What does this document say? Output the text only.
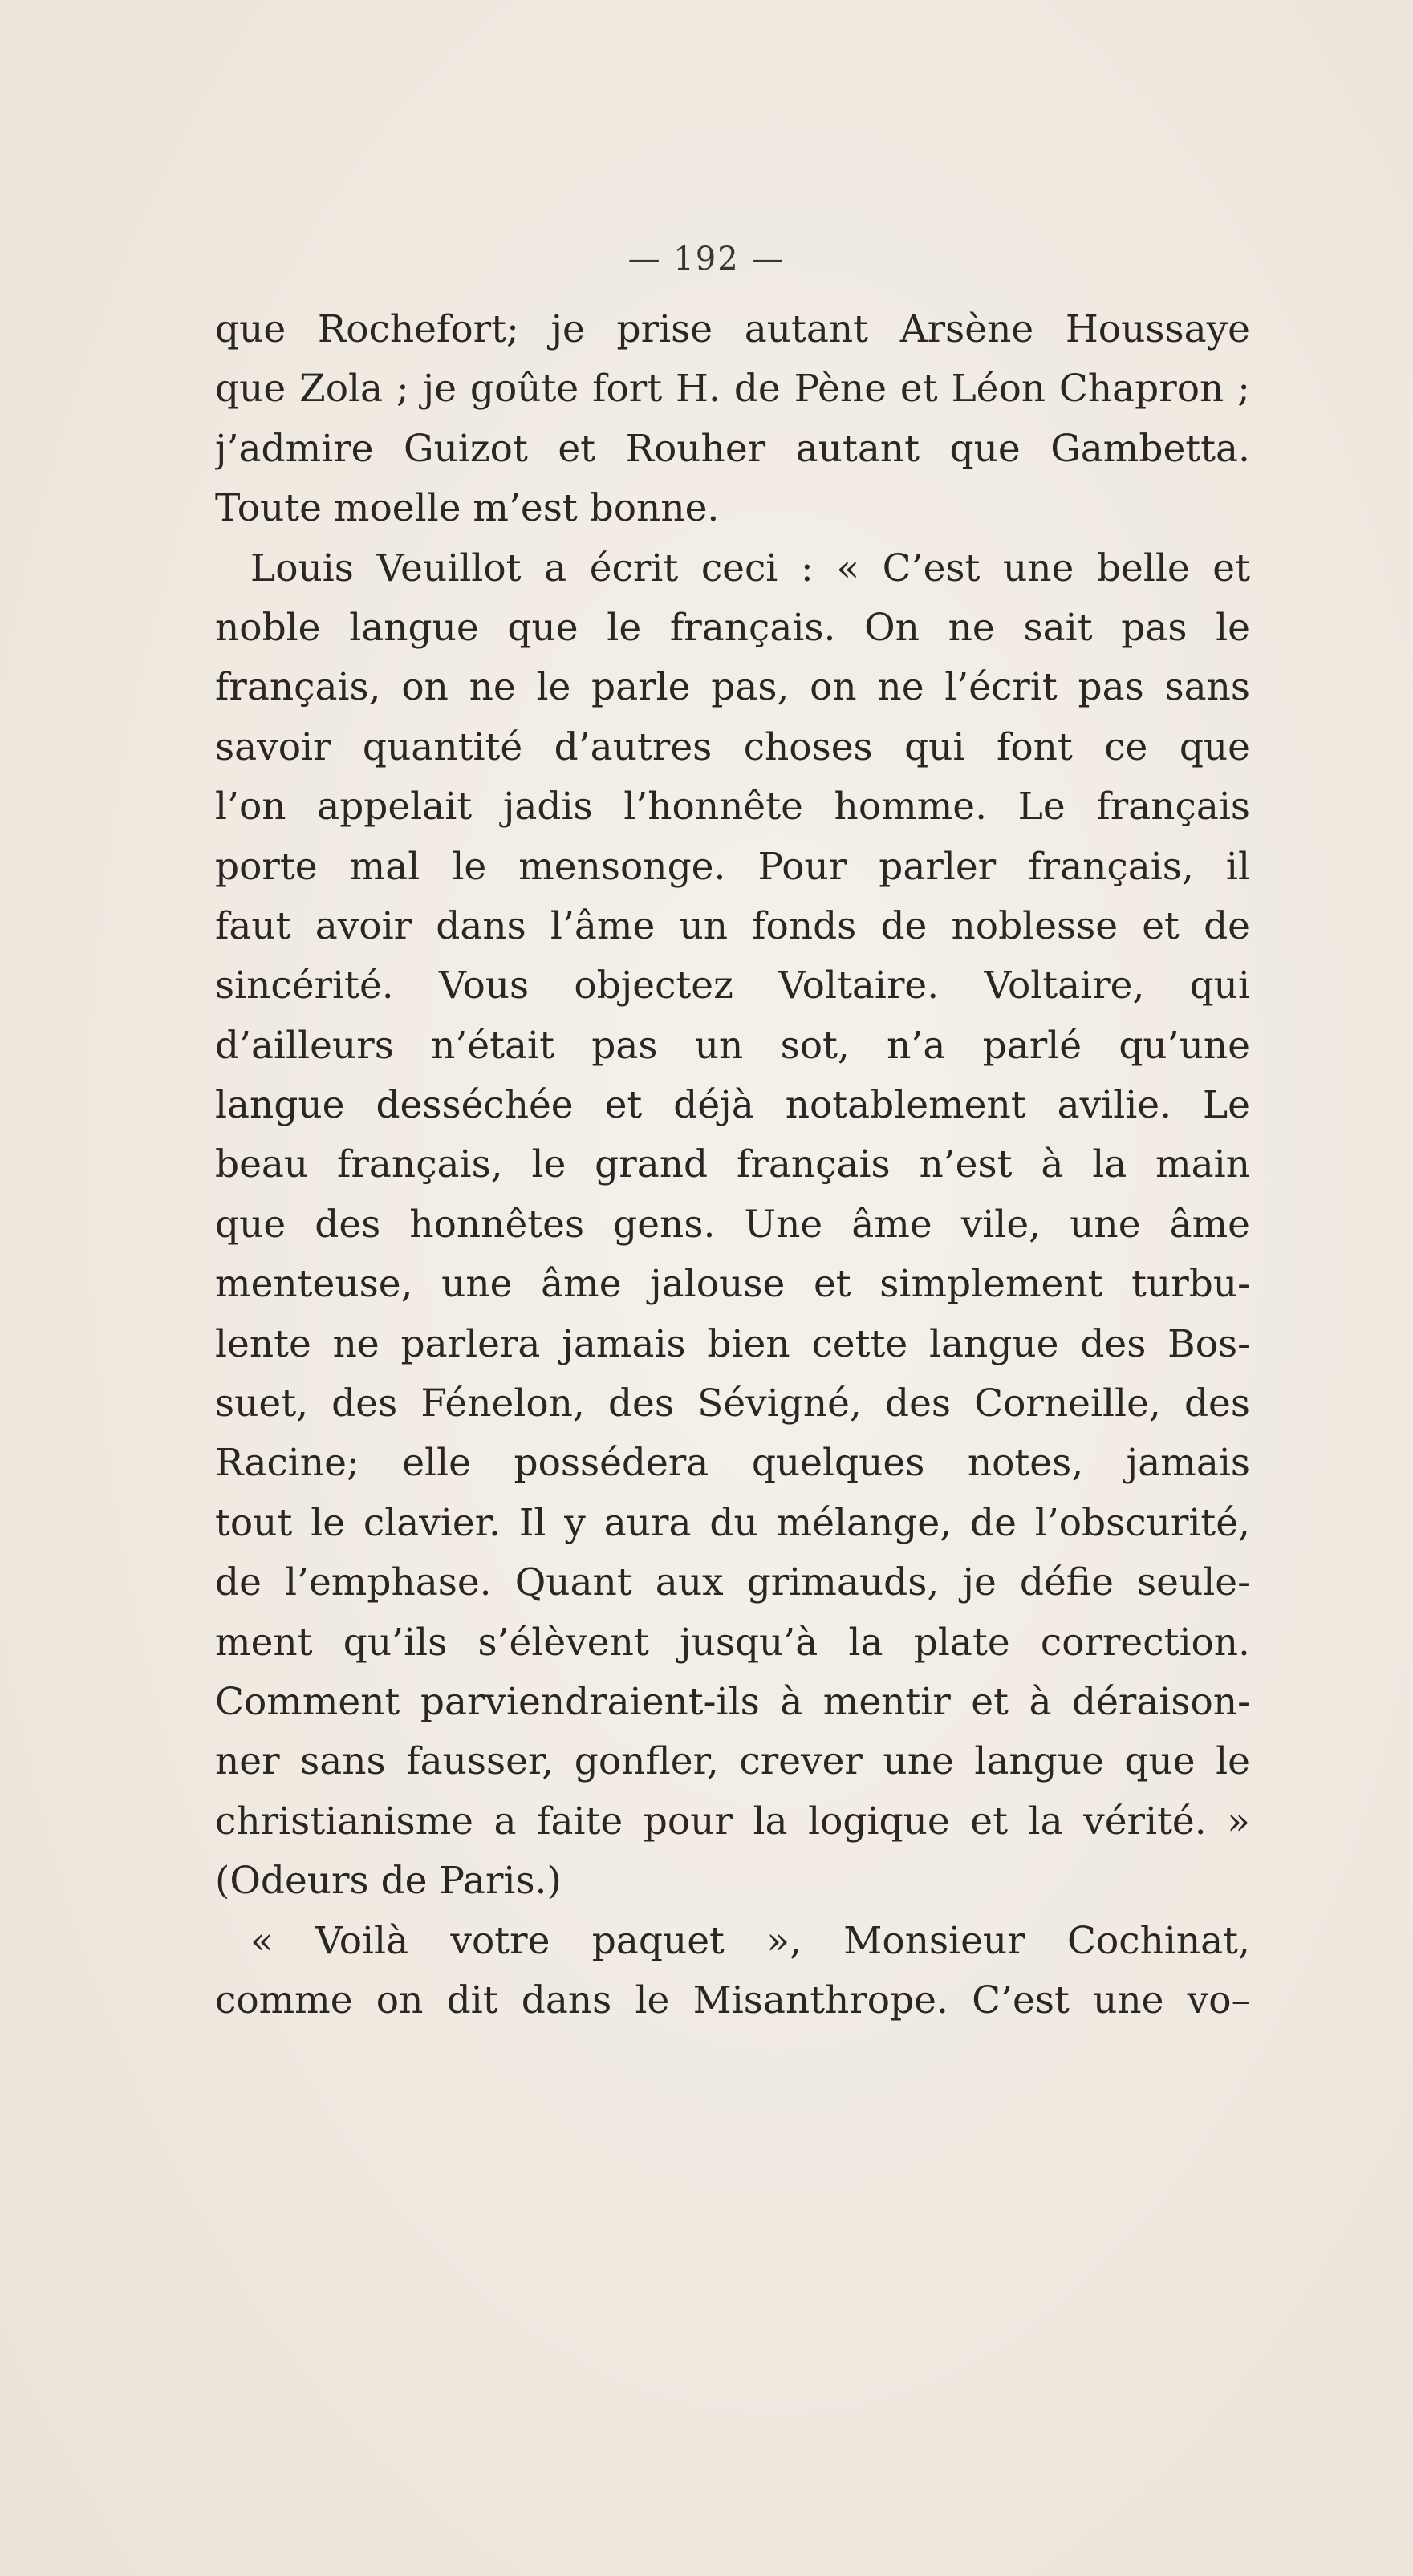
— 192 —
que Rochefort; je prise autant Arsène Houssaye
que Zola ; je goûte fort H. de Pène et Léon Chapron ;
j’admire Guizot et Rouher autant que Gambetta.
Toute moelle m’est bonne.
Louis Veuillot a écrit ceci : « C’est une belle et
noble langue que le français. On ne sait pas le
français, on ne le parle pas, on ne l’écrit pas sans
savoir quantité d’autres choses qui font ce que
l’on appelait jadis l’honnête homme. Le français
porte mal le mensonge. Pour parler français, il
faut avoir dans l’âme un fonds de noblesse et de
sincérité. Vous objectez Voltaire. Voltaire, qui
d’ailleurs n’était pas un sot, n’a parlé qu’une
langue desséchée et déjà notablement avilie. Le
beau français, le grand français n’est à la main
que des honnêtes gens. Une âme vile, une âme
menteuse, une âme jalouse et simplement turbu-
lente ne parlera jamais bien cette langue des Bos-
suet, des Fénelon, des Sévigné, des Corneille, des
Racine; elle possédera quelques notes, jamais
tout le clavier. Il y aura du mélange, de l’obscurité,
de l’emphase. Quant aux grimauds, je défie seule-
ment qu’ils s’élèvent jusqu’à la plate correction.
Comment parviendraient-ils à mentir et à déraison-
ner sans fausser, gonfler, crever une langue que le
christianisme a faite pour la logique et la vérité. »
(Odeurs de Paris.)
« Voilà votre paquet », Monsieur Cochinat,
comme on dit dans le Misanthrope. C’est une vo–
